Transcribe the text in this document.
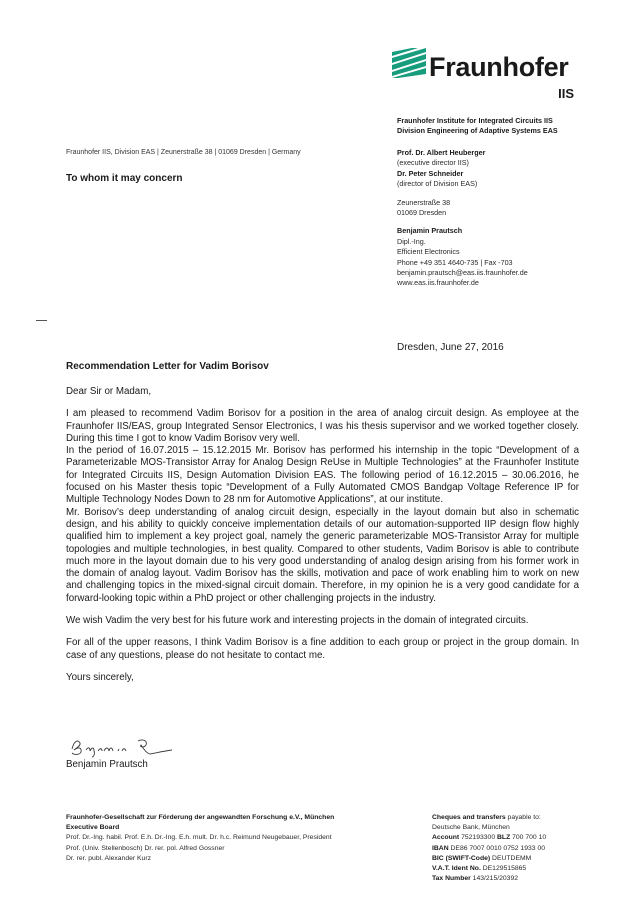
Fraunhofer
IIS
Fraunhofer Institute for Integrated Circuits IIS
Division Engineering of Adaptive Systems EAS
Prof. Dr. Albert Heuberger
(executive director IIS)
Dr. Peter Schneider
(director of Division EAS)
Zeunerstraße 38
01069 Dresden
Benjamin Prautsch
Dipl.-Ing.
Efficient Electronics
Phone +49 351 4640-735 | Fax -703
benjamin.prautsch@eas.iis.fraunhofer.de
www.eas.iis.fraunhofer.de
Fraunhofer IIS, Division EAS | Zeunerstraße 38 | 01069 Dresden | Germany
To whom it may concern
Dresden, June 27, 2016
Recommendation Letter for Vadim Borisov

Dear Sir or Madam,

I am pleased to recommend Vadim Borisov for a position in the area of analog circuit design. As employee at the Fraunhofer IIS/EAS, group Integrated Sensor Electronics, I was his thesis supervisor and we worked together closely. During this time I got to know Vadim Borisov very well.

In the period of 16.07.2015 – 15.12.2015 Mr. Borisov has performed his internship in the topic “Development of a Parameterizable MOS-Transistor Array for Analog Design ReUse in Multiple Technologies” at the Fraunhofer Institute for Integrated Circuits IIS, Design Automation Division EAS. The following period of 16.12.2015 – 30.06.2016, he focused on his Master thesis topic “Development of a Fully Automated CMOS Bandgap Voltage Reference IP for Multiple Technology Nodes Down to 28 nm for Automotive Applications”, at our institute.

Mr. Borisov’s deep understanding of analog circuit design, especially in the layout domain but also in schematic design, and his ability to quickly conceive implementation details of our automation-supported IIP design flow highly qualified him to implement a key project goal, namely the generic parameterizable MOS-Transistor Array for multiple topologies and multiple technologies, in best quality. Compared to other students, Vadim Borisov is able to contribute much more in the layout domain due to his very good understanding of analog design arising from his former work in the domain of analog layout. Vadim Borisov has the skills, motivation and pace of work enabling him to work on new and challenging topics in the mixed-signal circuit domain. Therefore, in my opinion he is a very good candidate for a forward-looking topic within a PhD project or other challenging projects in the industry.

We wish Vadim the very best for his future work and interesting projects in the domain of integrated circuits.

For all of the upper reasons, I think Vadim Borisov is a fine addition to each group or project in the group domain. In case of any questions, please do not hesitate to contact me.

Yours sincerely,

Benjamin Prautsch
Fraunhofer-Gesellschaft zur Förderung der angewandten Forschung e.V., München
Executive Board
Prof. Dr.-Ing. habil. Prof. E.h. Dr.-Ing. E.h. mult. Dr. h.c. Reimund Neugebauer, President
Prof. (Univ. Stellenbosch) Dr. rer. pol. Alfred Gossner
Dr. rer. publ. Alexander Kurz
Cheques and transfers payable to:
Deutsche Bank, München
Account 752193300 BLZ 700 700 10
IBAN DE86 7007 0010 0752 1933 00
BIC (SWIFT-Code) DEUTDEMM
V.A.T. Ident No. DE129515865
Tax Number 143/215/20392
